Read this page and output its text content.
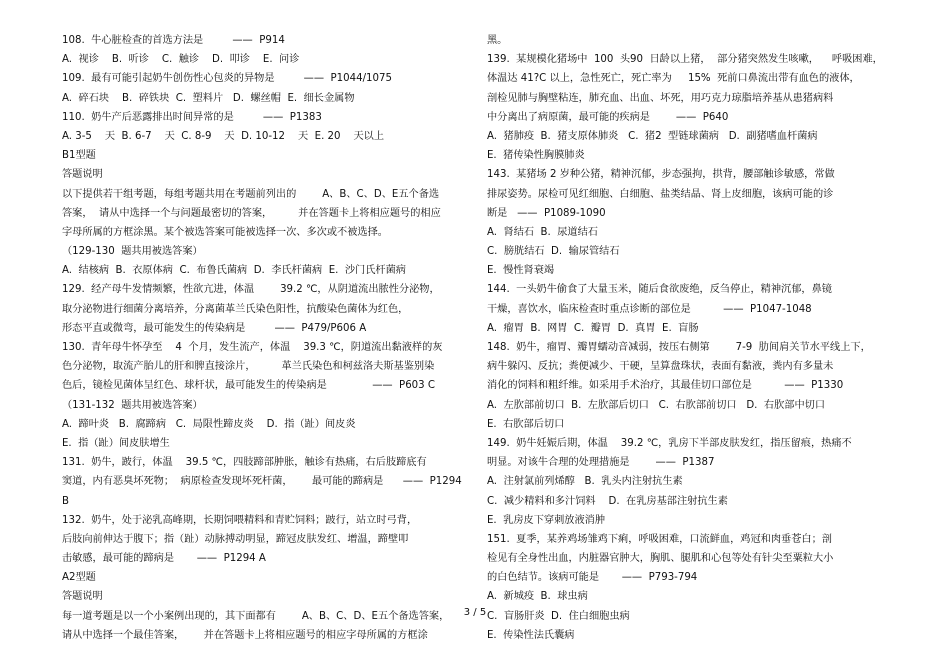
108.  牛心脏检查的首选方法是         ——  P914
A.  视诊    B.  听诊    C.  触诊    D.  叩诊    E.  问诊
109.  最有可能引起奶牛创伤性心包炎的异物是         ——  P1044/1075
A.  碎石块    B.  碎铁块  C.  塑料片   D.  螺丝帽  E.  细长金属物
110.  奶牛产后恶露排出时间异常的是         ——  P1383
A. 3-5    天  B. 6-7    天  C. 8-9    天  D. 10-12    天  E. 20    天以上
B1型题
答题说明
以下提供若干组考题，每组考题共用在考题前列出的        A、B、C、D、E五个备选
答案，  请从中选择一个与问题最密切的答案，        并在答题卡上将相应题号的相应
字母所属的方框涂黑。某个被选答案可能被选择一次、多次或不被选择。
（129-130  题共用被选答案）
A.  结核病  B.  衣原体病  C.  布鲁氏菌病  D.  李氏杆菌病  E.  沙门氏杆菌病
129.  经产母牛发情频繁，性欲亢进，体温        39.2 ℃，从阴道流出脓性分泌物，
取分泌物进行细菌分离培养，分离菌革兰氏染色阳性，抗酸染色菌体为红色，
形态平直或微弯，最可能发生的传染病是         ——  P479/P606 A
130.  青年母牛怀孕至    4  个月，发生流产，体温    39.3 ℃，阴道流出黏液样的灰
色分泌物，取流产胎儿的肝和脾直接涂片，        革兰氏染色和柯兹洛夫斯基鉴别染
色后，镜检见菌体呈红色、球杆状，最可能发生的传染病是              ——  P603 C
（131-132  题共用被选答案）
A.  蹄叶炎   B.  腐蹄病   C.  局限性蹄皮炎    D.  指（趾）间皮炎
E.  指（趾）间皮肤增生
131.  奶牛，跛行，体温    39.5 ℃，四肢蹄部肿胀，触诊有热痛，右后肢蹄底有
窦道，内有恶臭坏死物；  病原检查发现坏死杆菌，      最可能的蹄病是      ——  P1294
B
132.  奶牛，处于泌乳高峰期，长期饲喂精料和青贮饲料；跛行，站立时弓背，
后肢向前伸达于腹下；指（趾）动脉搏动明显，蹄冠皮肤发红、增温，蹄壁叩
击敏感，最可能的蹄病是       ——  P1294 A
A2型题
答题说明
每一道考题是以一个小案例出现的，其下面都有        A、B、C、D、E五个备选答案，
请从中选择一个最佳答案，      并在答题卡上将相应题号的相应字母所属的方框涂
黑。
139.  某规模化猪场中  100  头90  日龄以上猪，  部分猪突然发生咳嗽，    呼吸困难，
体温达 41?C 以上，急性死亡，死亡率为     15%  死前口鼻流出带有血色的液体，
剖检见肺与胸壁粘连，肺充血、出血、坏死，用巧克力琼脂培养基从患猪病料
中分离出了病原菌，最可能的疾病是        ——  P640
A.  猪肺疫  B.  猪支原体肺炎   C.  猪2  型链球菌病   D.  副猪嗜血杆菌病
E.  猪传染性胸膜肺炎
143.  某猪场 2 岁种公猪，精神沉郁，步态强拘，拱背，腰部触诊敏感，常做
排尿姿势。尿检可见红细胞、白细胞、盐类结晶、肾上皮细胞，该病可能的诊
断是   ——  P1089-1090
A.  肾结石  B.  尿道结石
C.  膀胱结石  D.  输尿管结石
E.  慢性肾衰竭
144.  一头奶牛偷食了大量玉米，随后食欲废绝，反刍停止，精神沉郁，鼻镜
干燥，喜饮水，临床检查时重点诊断的部位是          ——  P1047-1048
A.  瘤胃  B.  网胃  C.  瓣胃  D.  真胃  E.  盲肠
148.  奶牛，瘤胃、瓣胃蠕动音减弱，按压右侧第        7-9  肋间肩关节水平线上下，
病牛躲闪、反抗；粪便减少、干硬，呈算盘珠状，表面有黏液，粪内有多量未
消化的饲料和粗纤维。如采用手术治疗，其最佳切口部位是          ——  P1330
A.  左肷部前切口  B.  左肷部后切口   C.  右肷部前切口   D.  右肷部中切口
E.  右肷部后切口
149.  奶牛妊娠后期，体温    39.2 ℃，乳房下半部皮肤发红，指压留痕，热痛不
明显。对该牛合理的处理措施是        ——  P1387
A.  注射氯前列烯醇   B.  乳头内注射抗生素
C.  减少精料和多汁饲料    D.  在乳房基部注射抗生素
E.  乳房皮下穿刺放液消肿
151.  夏季，某养鸡场雏鸡下痢，呼吸困难，口流鲜血，鸡冠和肉垂苍白；剖
检见有全身性出血，内脏器官肿大，胸肌、腿肌和心包等处有针尖至粟粒大小
的白色结节。该病可能是       ——  P793-794
A.  新城疫  B.  球虫病
C.  盲肠肝炎  D.  住白细胞虫病
E.  传染性法氏囊病
3 / 5
